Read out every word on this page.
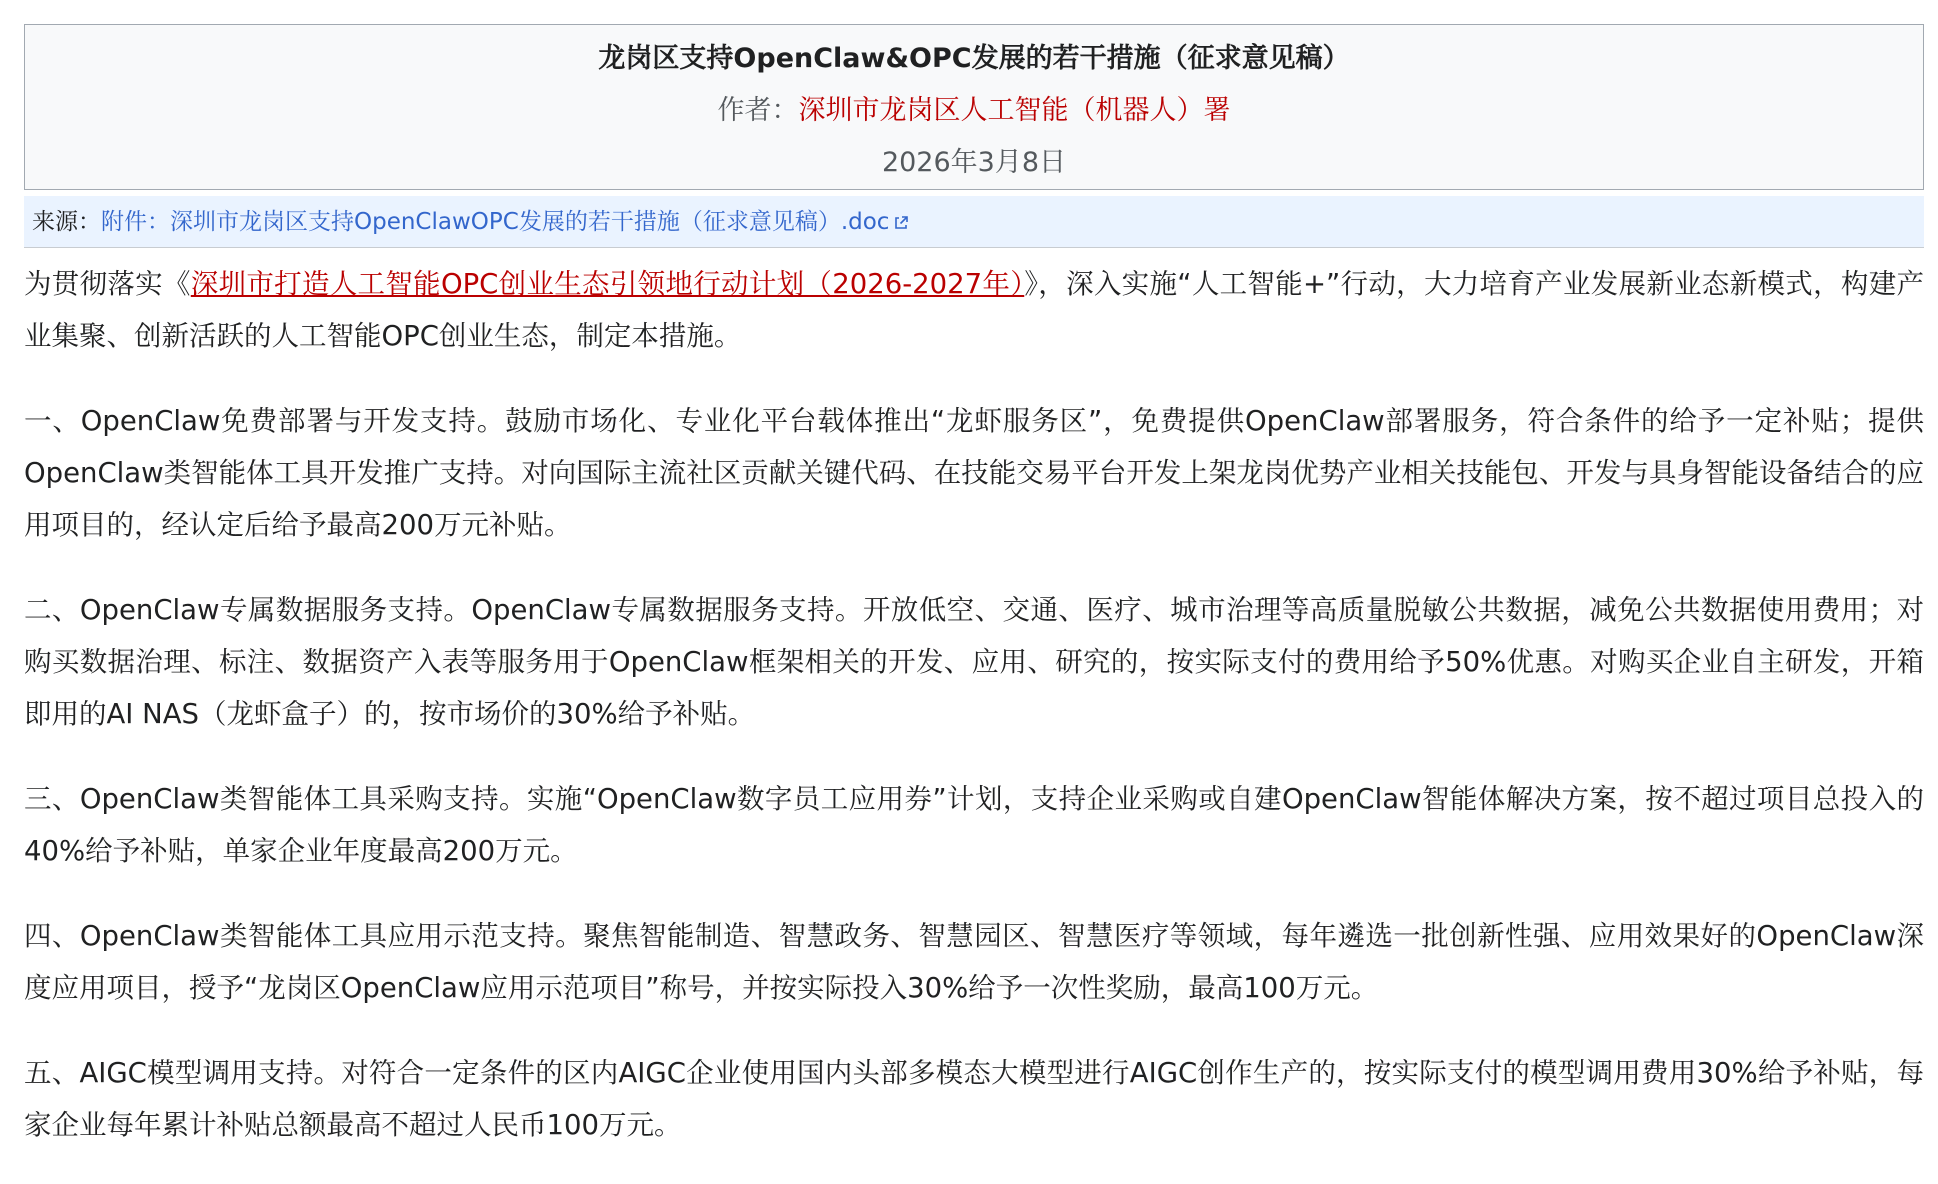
龙岗区支持OpenClaw&OPC发展的若干措施（征求意见稿）
作者：深圳市龙岗区人工智能（机器人）署
2026年3月8日
来源：附件：深圳市龙岗区支持OpenClawOPC发展的若干措施（征求意见稿）.doc

为贯彻落实《深圳市打造人工智能OPC创业生态引领地行动计划（2026-2027年）》，深入实施“人工智能+”行动，大力培育产业发展新业态新模式，构建产业集聚、创新活跃的人工智能OPC创业生态，制定本措施。

一、OpenClaw免费部署与开发支持。鼓励市场化、专业化平台载体推出“龙虾服务区”，免费提供OpenClaw部署服务，符合条件的给予一定补贴；提供OpenClaw类智能体工具开发推广支持。对向国际主流社区贡献关键代码、在技能交易平台开发上架龙岗优势产业相关技能包、开发与具身智能设备结合的应用项目的，经认定后给予最高200万元补贴。

二、OpenClaw专属数据服务支持。OpenClaw专属数据服务支持。开放低空、交通、医疗、城市治理等高质量脱敏公共数据，减免公共数据使用费用；对购买数据治理、标注、数据资产入表等服务用于OpenClaw框架相关的开发、应用、研究的，按实际支付的费用给予50%优惠。对购买企业自主研发，开箱即用的AI NAS（龙虾盒子）的，按市场价的30%给予补贴。

三、OpenClaw类智能体工具采购支持。实施“OpenClaw数字员工应用券”计划，支持企业采购或自建OpenClaw智能体解决方案，按不超过项目总投入的40%给予补贴，单家企业年度最高200万元。

四、OpenClaw类智能体工具应用示范支持。聚焦智能制造、智慧政务、智慧园区、智慧医疗等领域，每年遴选一批创新性强、应用效果好的OpenClaw深度应用项目，授予“龙岗区OpenClaw应用示范项目”称号，并按实际投入30%给予一次性奖励，最高100万元。

五、AIGC模型调用支持。对符合一定条件的区内AIGC企业使用国内头部多模态大模型进行AIGC创作生产的，按实际支付的模型调用费用30%给予补贴，每家企业每年累计补贴总额最高不超过人民币100万元。
